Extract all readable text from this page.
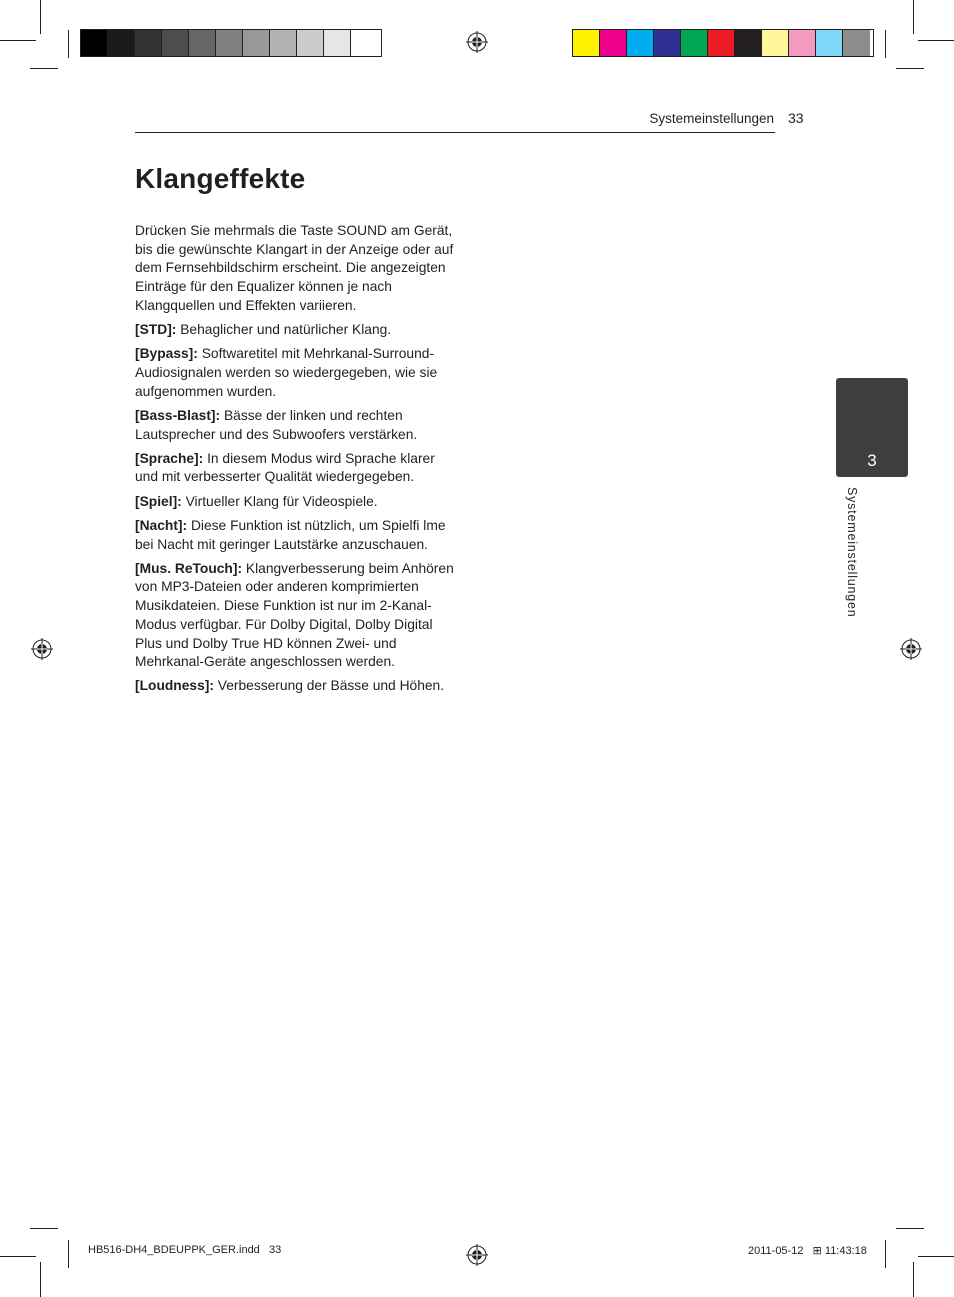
Systemeinstellungen 33
Klangeffekte

Drücken Sie mehrmals die Taste SOUND am Gerät, bis die gewünschte Klangart in der Anzeige oder auf dem Fernsehbildschirm erscheint. Die angezeigten Einträge für den Equalizer können je nach Klangquellen und Effekten variieren.

[STD]: Behaglicher und natürlicher Klang.

[Bypass]: Softwaretitel mit Mehrkanal-Surround-Audiosignalen werden so wiedergegeben, wie sie aufgenommen wurden.

[Bass-Blast]: Bässe der linken und rechten Lautsprecher und des Subwoofers verstärken.

[Sprache]: In diesem Modus wird Sprache klarer und mit verbesserter Qualität wiedergegeben.

[Spiel]: Virtueller Klang für Videospiele.

[Nacht]: Diese Funktion ist nützlich, um Spielfi lme bei Nacht mit geringer Lautstärke anzuschauen.

[Mus. ReTouch]: Klangverbesserung beim Anhören von MP3-Dateien oder anderen komprimierten Musikdateien. Diese Funktion ist nur im 2-Kanal-Modus verfügbar. Für Dolby Digital, Dolby Digital Plus und Dolby True HD können Zwei- und Mehrkanal-Geräte angeschlossen werden.

[Loudness]: Verbesserung der Bässe und Höhen.

3
Systemeinstellungen
HB516-DH4_BDEUPPK_GER.indd   33	2011-05-12   ⊞ 11:43:18
